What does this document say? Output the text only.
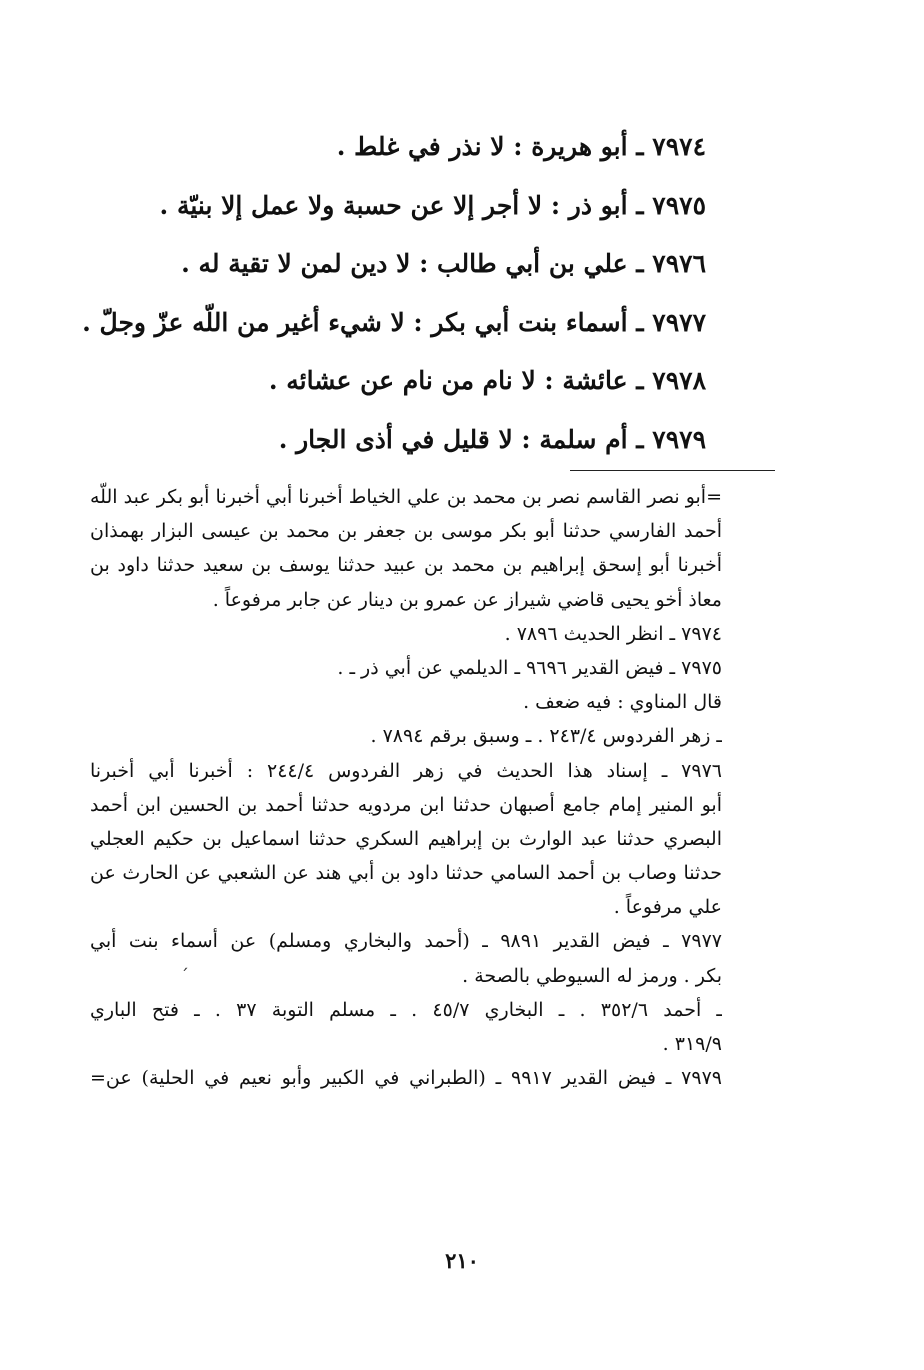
٧٩٧٤ ـ أبو هريرة : لا نذر في غلط .
٧٩٧٥ ـ أبو ذر : لا أجر إلا عن حسبة ولا عمل إلا بنيّة .
٧٩٧٦ ـ علي بن أبي طالب : لا دين لمن لا تقية له .
٧٩٧٧ ـ أسماء بنت أبي بكر : لا شيء أغير من اللّه عزّ وجلّ .
٧٩٧٨ ـ عائشة : لا نام من نام عن عشائه .
٧٩٧٩ ـ أم سلمة : لا قليل في أذى الجار .
=أبو نصر القاسم نصر بن محمد بن علي الخياط أخبرنا أبي أخبرنا أبو بكر عبد اللّه
أحمد الفارسي حدثنا أبو بكر موسى بن جعفر بن محمد بن عيسى البزار بهمذان
أخبرنا أبو إسحق إبراهيم بن محمد بن عبيد حدثنا يوسف بن سعيد حدثنا داود بن
معاذ أخو يحيى قاضي شيراز عن عمرو بن دينار عن جابر مرفوعاً .
٧٩٧٤ ـ انظر الحديث ٧٨٩٦ .
٧٩٧٥ ـ فيض القدير ٩٦٩٦ ـ الديلمي عن أبي ذر ـ .
قال المناوي : فيه ضعف .
ـ زهر الفردوس ٢٤٣/٤ . ـ وسبق برقم ٧٨٩٤ .
٧٩٧٦ ـ إسناد هذا الحديث في زهر الفردوس ٢٤٤/٤ : أخبرنا أبي أخبرنا
أبو المنير إمام جامع أصبهان حدثنا ابن مردويه حدثنا أحمد بن الحسين ابن أحمد
البصري حدثنا عبد الوارث بن إبراهيم السكري حدثنا اسماعيل بن حكيم العجلي
حدثنا وصاب بن أحمد السامي حدثنا داود بن أبي هند عن الشعبي عن الحارث عن
علي مرفوعاً .
٧٩٧٧ ـ فيض القدير ٩٨٩١ ـ (أحمد والبخاري ومسلم) عن أسماء بنت أبي
بكر . ورمز له السيوطي بالصحة .
ـ أحمد ٣٥٢/٦ . ـ البخاري ٤٥/٧ . ـ مسلم التوبة ٣٧ . ـ فتح الباري
٣١٩/٩ .
٧٩٧٩ ـ فيض القدير ٩٩١٧ ـ (الطبراني في الكبير وأبو نعيم في الحلية) عن=
ˊ
٢١٠
